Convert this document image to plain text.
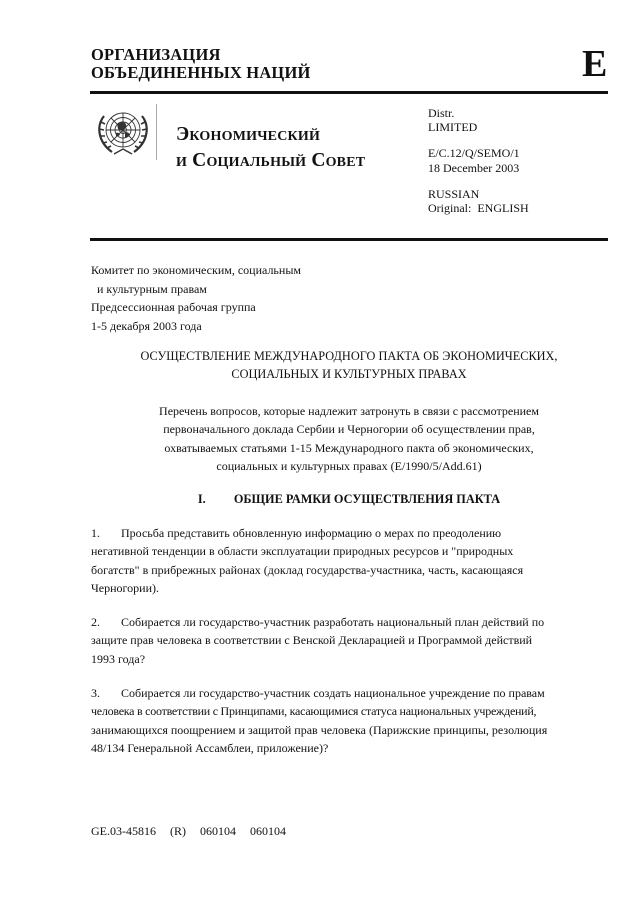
ОРГАНИЗАЦИЯ
ОБЪЕДИНЕННЫХ НАЦИЙ	E
Экономический
и Социальный Совет
Distr.
LIMITED
E/C.12/Q/SEMO/1
18 December 2003
RUSSIAN
Original:  ENGLISH
Комитет по экономическим, социальным
и культурным правам
Предсессионная рабочая группа
1-5 декабря 2003 года
ОСУЩЕСТВЛЕНИЕ МЕЖДУНАРОДНОГО ПАКТА ОБ ЭКОНОМИЧЕСКИХ,
СОЦИАЛЬНЫХ И КУЛЬТУРНЫХ ПРАВАХ
Перечень вопросов, которые надлежит затронуть в связи с рассмотрением
первоначального доклада Сербии и Черногории об осуществлении прав,
охватываемых статьями 1-15 Международного пакта об экономических,
социальных и культурных правах (E/1990/5/Add.61)
I. ОБЩИЕ РАМКИ ОСУЩЕСТВЛЕНИЯ ПАКТА
1. Просьба представить обновленную информацию о мерах по преодолению
негативной тенденции в области эксплуатации природных ресурсов и "природных
богатств" в прибрежных районах (доклад государства-участника, часть, касающаяся
Черногории).
2. Собирается ли государство-участник разработать национальный план действий по
защите прав человека в соответствии с Венской Декларацией и Программой действий
1993 года?
3. Собирается ли государство-участник создать национальное учреждение по правам
человека в соответствии с Принципами, касающимися статуса национальных учреждений,
занимающихся поощрением и защитой прав человека (Парижские принципы, резолюция
48/134 Генеральной Ассамблеи, приложение)?
GE.03-45816 (R) 060104 060104
